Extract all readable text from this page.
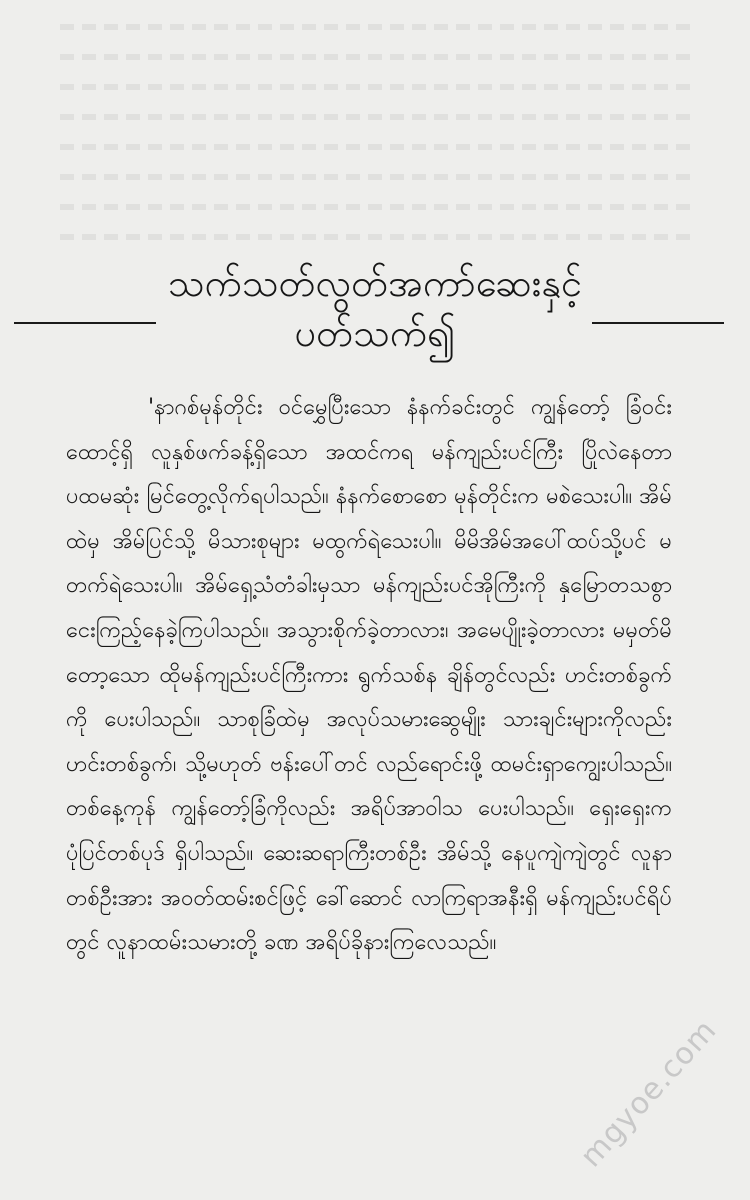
သက်သတ်လွတ်အကာ်ဆေးနှင့်
ပတ်သက်၍
'နာဂစ်မုန်တိုင်း ဝင်မွှေပြီးသော နံနက်ခင်းတွင် ကျွန်တော့် ခြံဝင်းထောင့်ရှိ လူနှစ်ဖက်ခန့်ရှိသော အထင်ကရ မန်ကျည်းပင်ကြီး ပြိုလဲနေတာ ပထမဆုံး မြင်တွေ့လိုက်ရပါသည်။ နံနက်စောစော မုန်တိုင်းက မစဲသေးပါ။ အိမ်ထဲမှ အိမ်ပြင်သို့ မိသားစုများ မထွက်ရဲသေးပါ။ မိမိအိမ်အပေါ်ထပ်သို့ပင် မတက်ရဲသေးပါ။ အိမ်ရှေ့သံတံခါးမှသာ မန်ကျည်းပင်အိုကြီးကို နှမြောတသစွာ ငေးကြည့်နေခဲ့ကြပါသည်။ အသွားစိုက်ခဲ့တာလား၊ အမေပျိုးခဲ့တာလား မမှတ်မိတော့သော ထိုမန်ကျည်းပင်ကြီးကား ရွက်သစ်န ချိန်တွင်လည်း ဟင်းတစ်ခွက်ကို ပေးပါသည်။ သာစုခြံထဲမှ အလုပ်သမားဆွေမျိုး သားချင်းများကိုလည်း ဟင်းတစ်ခွက်၊ သို့မဟုတ် ဗန်းပေါ်တင် လည်ရောင်းဖို့ ထမင်းရှာကျွေးပါသည်။ တစ်နေ့ကုန် ကျွန်တော့်ခြံကိုလည်း အရိပ်အာဝါသ ပေးပါသည်။ ရှေးရှေးက ပုံပြင်တစ်ပုဒ် ရှိပါသည်။ ဆေးဆရာကြီးတစ်ဦး အိမ်သို့ နေပူကျဲကျဲတွင် လူနာတစ်ဦးအား အဝတ်ထမ်းစင်ဖြင့် ခေါ်ဆောင် လာကြရာအနီးရှိ မန်ကျည်းပင်ရိပ်တွင် လူနာထမ်းသမားတို့ ခဏ အရိပ်ခိုနားကြလေသည်။
mgyoe.com
